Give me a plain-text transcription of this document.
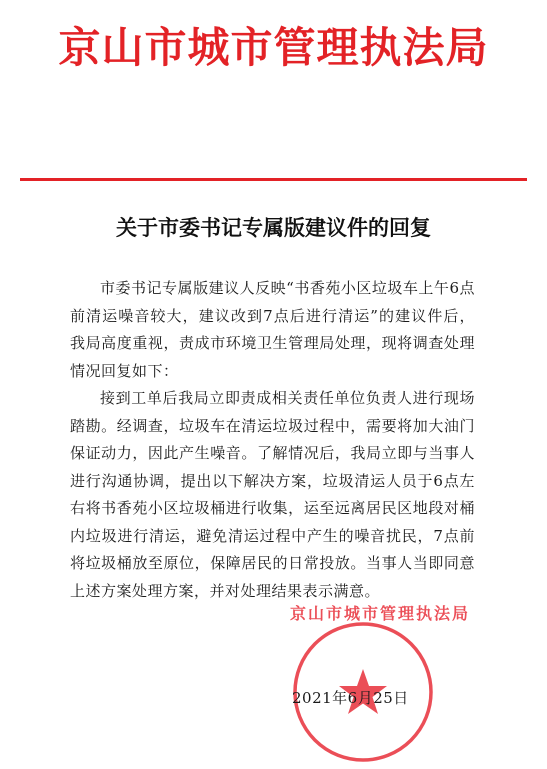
京山市城市管理执法局
关于市委书记专属版建议件的回复

市委书记专属版建议人反映“书香苑小区垃圾车上午6点前清运噪音较大，建议改到7点后进行清运”的建议件后，我局高度重视，责成市环境卫生管理局处理，现将调查处理情况回复如下：

接到工单后我局立即责成相关责任单位负责人进行现场踏勘。经调查，垃圾车在清运垃圾过程中，需要将加大油门保证动力，因此产生噪音。了解情况后，我局立即与当事人进行沟通协调，提出以下解决方案，垃圾清运人员于6点左右将书香苑小区垃圾桶进行收集，运至远离居民区地段对桶内垃圾进行清运，避免清运过程中产生的噪音扰民，7点前将垃圾桶放至原位，保障居民的日常投放。当事人当即同意上述方案处理方案，并对处理结果表示满意。

京山市城市管理执法局
2021年6月25日
